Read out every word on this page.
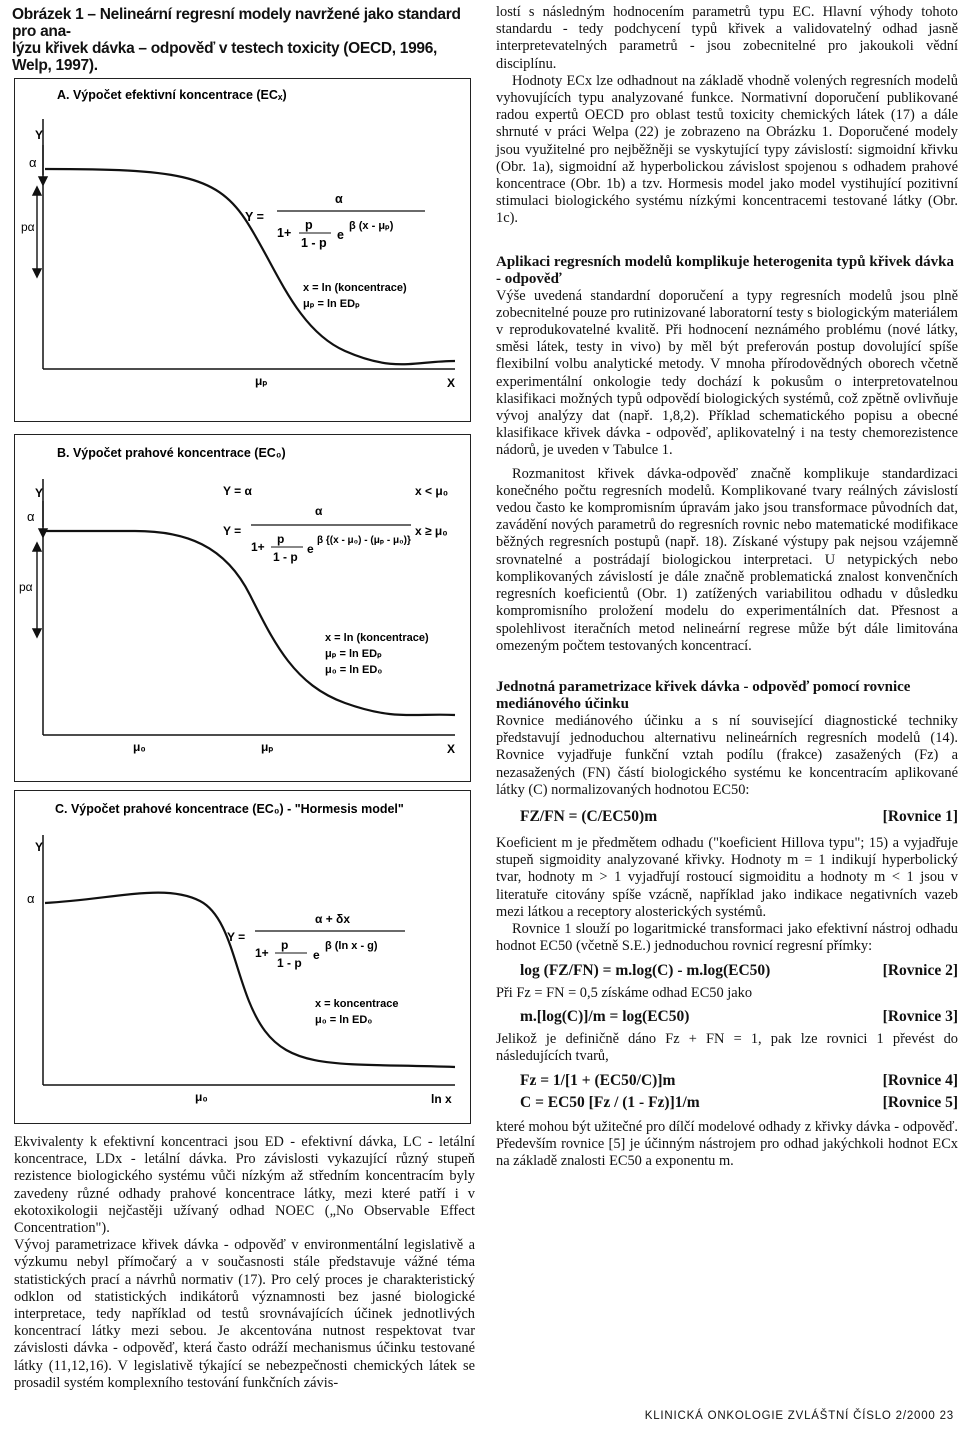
Obrázek 1 – Nelineární regresní modely navržené jako standard pro ana-
lýzu křivek dávka – odpověď v testech toxicity (OECD, 1996, Welp, 1997).
A. Výpočet efektivní koncentrace (ECₓ)
Y
α
pα
Y =
α
1+
p
1 - p
e
β (x - μₚ)
x = ln (koncentrace)
μₚ = ln EDₚ
μₚ	X
B. Výpočet prahové koncentrace (EC₀)
Y
α
pα
Y = α	x < μ₀
Y =
α
x ≥ μ₀
1+
p
1 - p
e
β {(x - μ₀) - (μₚ - μ₀)}
x = ln (koncentrace)
μₚ = ln EDₚ
μ₀ = ln ED₀
μ₀	μₚ	X
C. Výpočet prahové koncentrace (EC₀) - "Hormesis model"
Y
α
Y =
α + δx
1+
p
1 - p
e
β (ln x - g)
x = koncentrace
μ₀ = ln ED₀
μ₀	ln x

Ekvivalenty k efektivní koncentraci jsou ED - efektivní dávka, LC - letální koncentrace, LDx - letální dávka. Pro závislosti vykazující různý stupeň rezistence biologického systému vůči nízkým až středním koncentracím byly zavedeny různé odhady prahové koncentrace látky, mezi které patří i v ekotoxikologii nejčastěji užívaný odhad NOEC („No Observable Effect Concentration").

Vývoj parametrizace křivek dávka - odpověď v environmentální legislativě a výzkumu nebyl přímočarý a v současnosti stále představuje vážné téma statistických prací a návrhů normativ (17). Pro celý proces je charakteristický odklon od statistických indikátorů významnosti bez jasné biologické interpretace, tedy například od testů srovnávajících účinek jednotlivých koncentrací látky mezi sebou. Je akcentována nutnost respektovat tvar závislosti dávka - odpověď, která často odráží mechanismus účinku testované látky (11,12,16). V legislativě týkající se nebezpečnosti chemických látek se prosadil systém komplexního testování funkčních závis-

lostí s následným hodnocením parametrů typu EC. Hlavní výhody tohoto standardu - tedy podchycení typů křivek a validovatelný odhad jasně interpretevatelných parametrů - jsou zobecnitelné pro jakoukoli vědní disciplínu.

Hodnoty ECx lze odhadnout na základě vhodně volených regresních modelů vyhovujících typu analyzované funkce. Normativní doporučení publikované radou expertů OECD pro oblast testů toxicity chemických látek (17) a dále shrnuté v práci Welpa (22) je zobrazeno na Obrázku 1. Doporučené modely jsou využitelné pro nejběžněji se vyskytující typy závislostí: sigmoidní křivku (Obr. 1a), sigmoidní až hyperbolickou závislost spojenou s odhadem prahové koncentrace (Obr. 1b) a tzv. Hormesis model jako model vystihující pozitivní stimulaci biologického systému nízkými koncentracemi testované látky (Obr. 1c).

Aplikaci regresních modelů komplikuje heterogenita typů křivek dávka - odpověď

Výše uvedená standardní doporučení a typy regresních modelů jsou plně zobecnitelné pouze pro rutinizované laboratorní testy s biologickým materiálem v reprodukovatelné kvalitě. Při hodnocení neznámého problému (nové látky, směsi látek, testy in vivo) by měl být preferován postup dovolující spíše flexibilní volbu analytické metody. V mnoha přírodovědných oborech včetně experimentální onkologie tedy dochází k pokusům o interpretovatelnou klasifikaci možných typů odpovědí biologických systémů, což zpětně ovlivňuje vývoj analýzy dat (např. 1,8,2). Příklad schematického popisu a obecné klasifikace křivek dávka - odpověď, aplikovatelný i na testy chemorezistence nádorů, je uveden v Tabulce 1.

Rozmanitost křivek dávka-odpověď značně komplikuje standardizaci konečného počtu regresních modelů. Komplikované tvary reálných závislostí vedou často ke kompromisním úpravám jako jsou transformace původních dat, zavádění nových parametrů do regresních rovnic nebo matematické modifikace běžných regresních postupů (např. 18). Získané výstupy pak nejsou vzájemně srovnatelné a postrádají biologickou interpretaci. U netypických nebo komplikovaných závislostí je dále značně problematická znalost konvenčních regresních koeficientů (Obr. 1) zatížených variabilitou odhadu v důsledku kompromisního proložení modelu do experimentálních dat. Přesnost a spolehlivost iteračních metod nelineární regrese může být dále limitována omezeným počtem testovaných koncentrací.

Jednotná parametrizace křivek dávka - odpověď pomocí rovnice mediánového účinku

Rovnice mediánového účinku a s ní související diagnostické techniky představují jednoduchou alternativu nelineárních regresních modelů (14). Rovnice vyjadřuje funkční vztah podílu (frakce) zasažených (Fz) a nezasažených (FN) částí biologického systému ke koncentracím aplikované látky (C) normalizovaných hodnotou EC50:

FZ/FN = (C/EC50)m	[Rovnice 1]

Koeficient m je předmětem odhadu ("koeficient Hillova typu"; 15) a vyjadřuje stupeň sigmoidity analyzované křivky. Hodnoty m = 1 indikují hyperbolický tvar, hodnoty m > 1 vyjadřují rostoucí sigmoiditu a hodnoty m < 1 jsou v literatuře citovány spíše vzácně, například jako indikace negativních vazeb mezi látkou a receptory alosterických systémů.

Rovnice 1 slouží po logaritmické transformaci jako efektivní nástroj odhadu hodnot EC50 (včetně S.E.) jednoduchou rovnicí regresní přímky:

log (FZ/FN) = m.log(C) - m.log(EC50)	[Rovnice 2]

Při Fz = FN = 0,5 získáme odhad EC50 jako

m.[log(C)]/m = log(EC50)	[Rovnice 3]

Jelikož je definičně dáno Fz + FN = 1, pak lze rovnici 1 převést do následujících tvarů,

Fz = 1/[1 + (EC50/C)]m	[Rovnice 4]
C = EC50 [Fz / (1 - Fz)]1/m	[Rovnice 5]

které mohou být užitečné pro dílčí modelové odhady z křivky dávka - odpověď. Především rovnice [5] je účinným nástrojem pro odhad jakýchkoli hodnot ECx na základě znalosti EC50 a exponentu m.

KLINICKÁ ONKOLOGIE ZVLÁŠTNÍ ČÍSLO 2/2000 23
